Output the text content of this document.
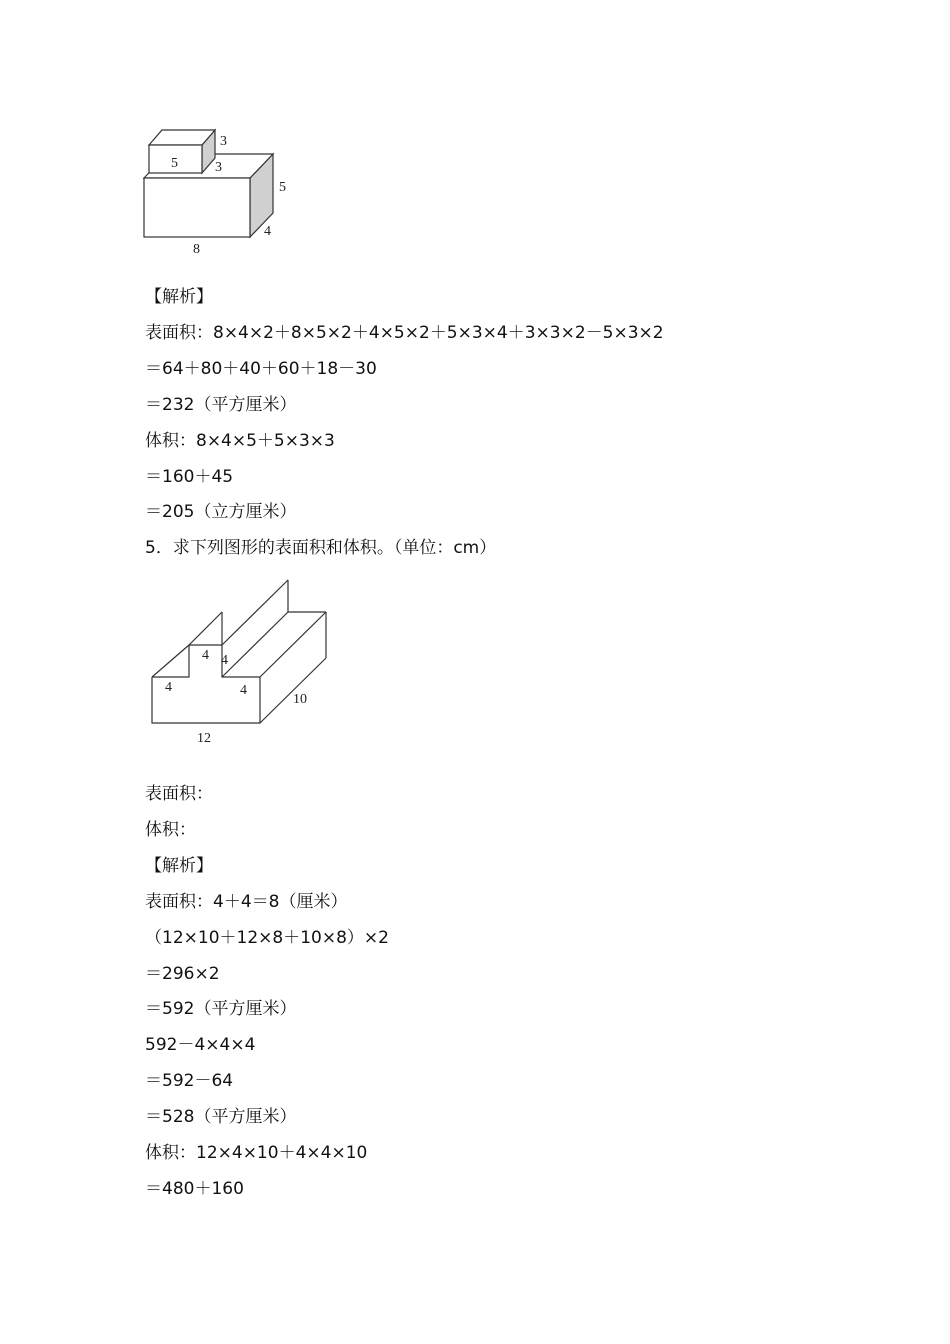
5
3
3
5
8
4
【解析】
表面积：8×4×2＋8×5×2＋4×5×2＋5×3×4＋3×3×2－5×3×2
＝64＋80＋40＋60＋18－30
＝232（平方厘米）
体积：8×4×5＋5×3×3
＝160＋45
＝205（立方厘米）
5．求下列图形的表面积和体积。（单位：cm）
4 4
4	4
10
12
表面积：
体积：
【解析】
表面积：4＋4＝8（厘米）
（12×10＋12×8＋10×8）×2
＝296×2
＝592（平方厘米）
592－4×4×4
＝592－64
＝528（平方厘米）
体积：12×4×10＋4×4×10
＝480＋160
